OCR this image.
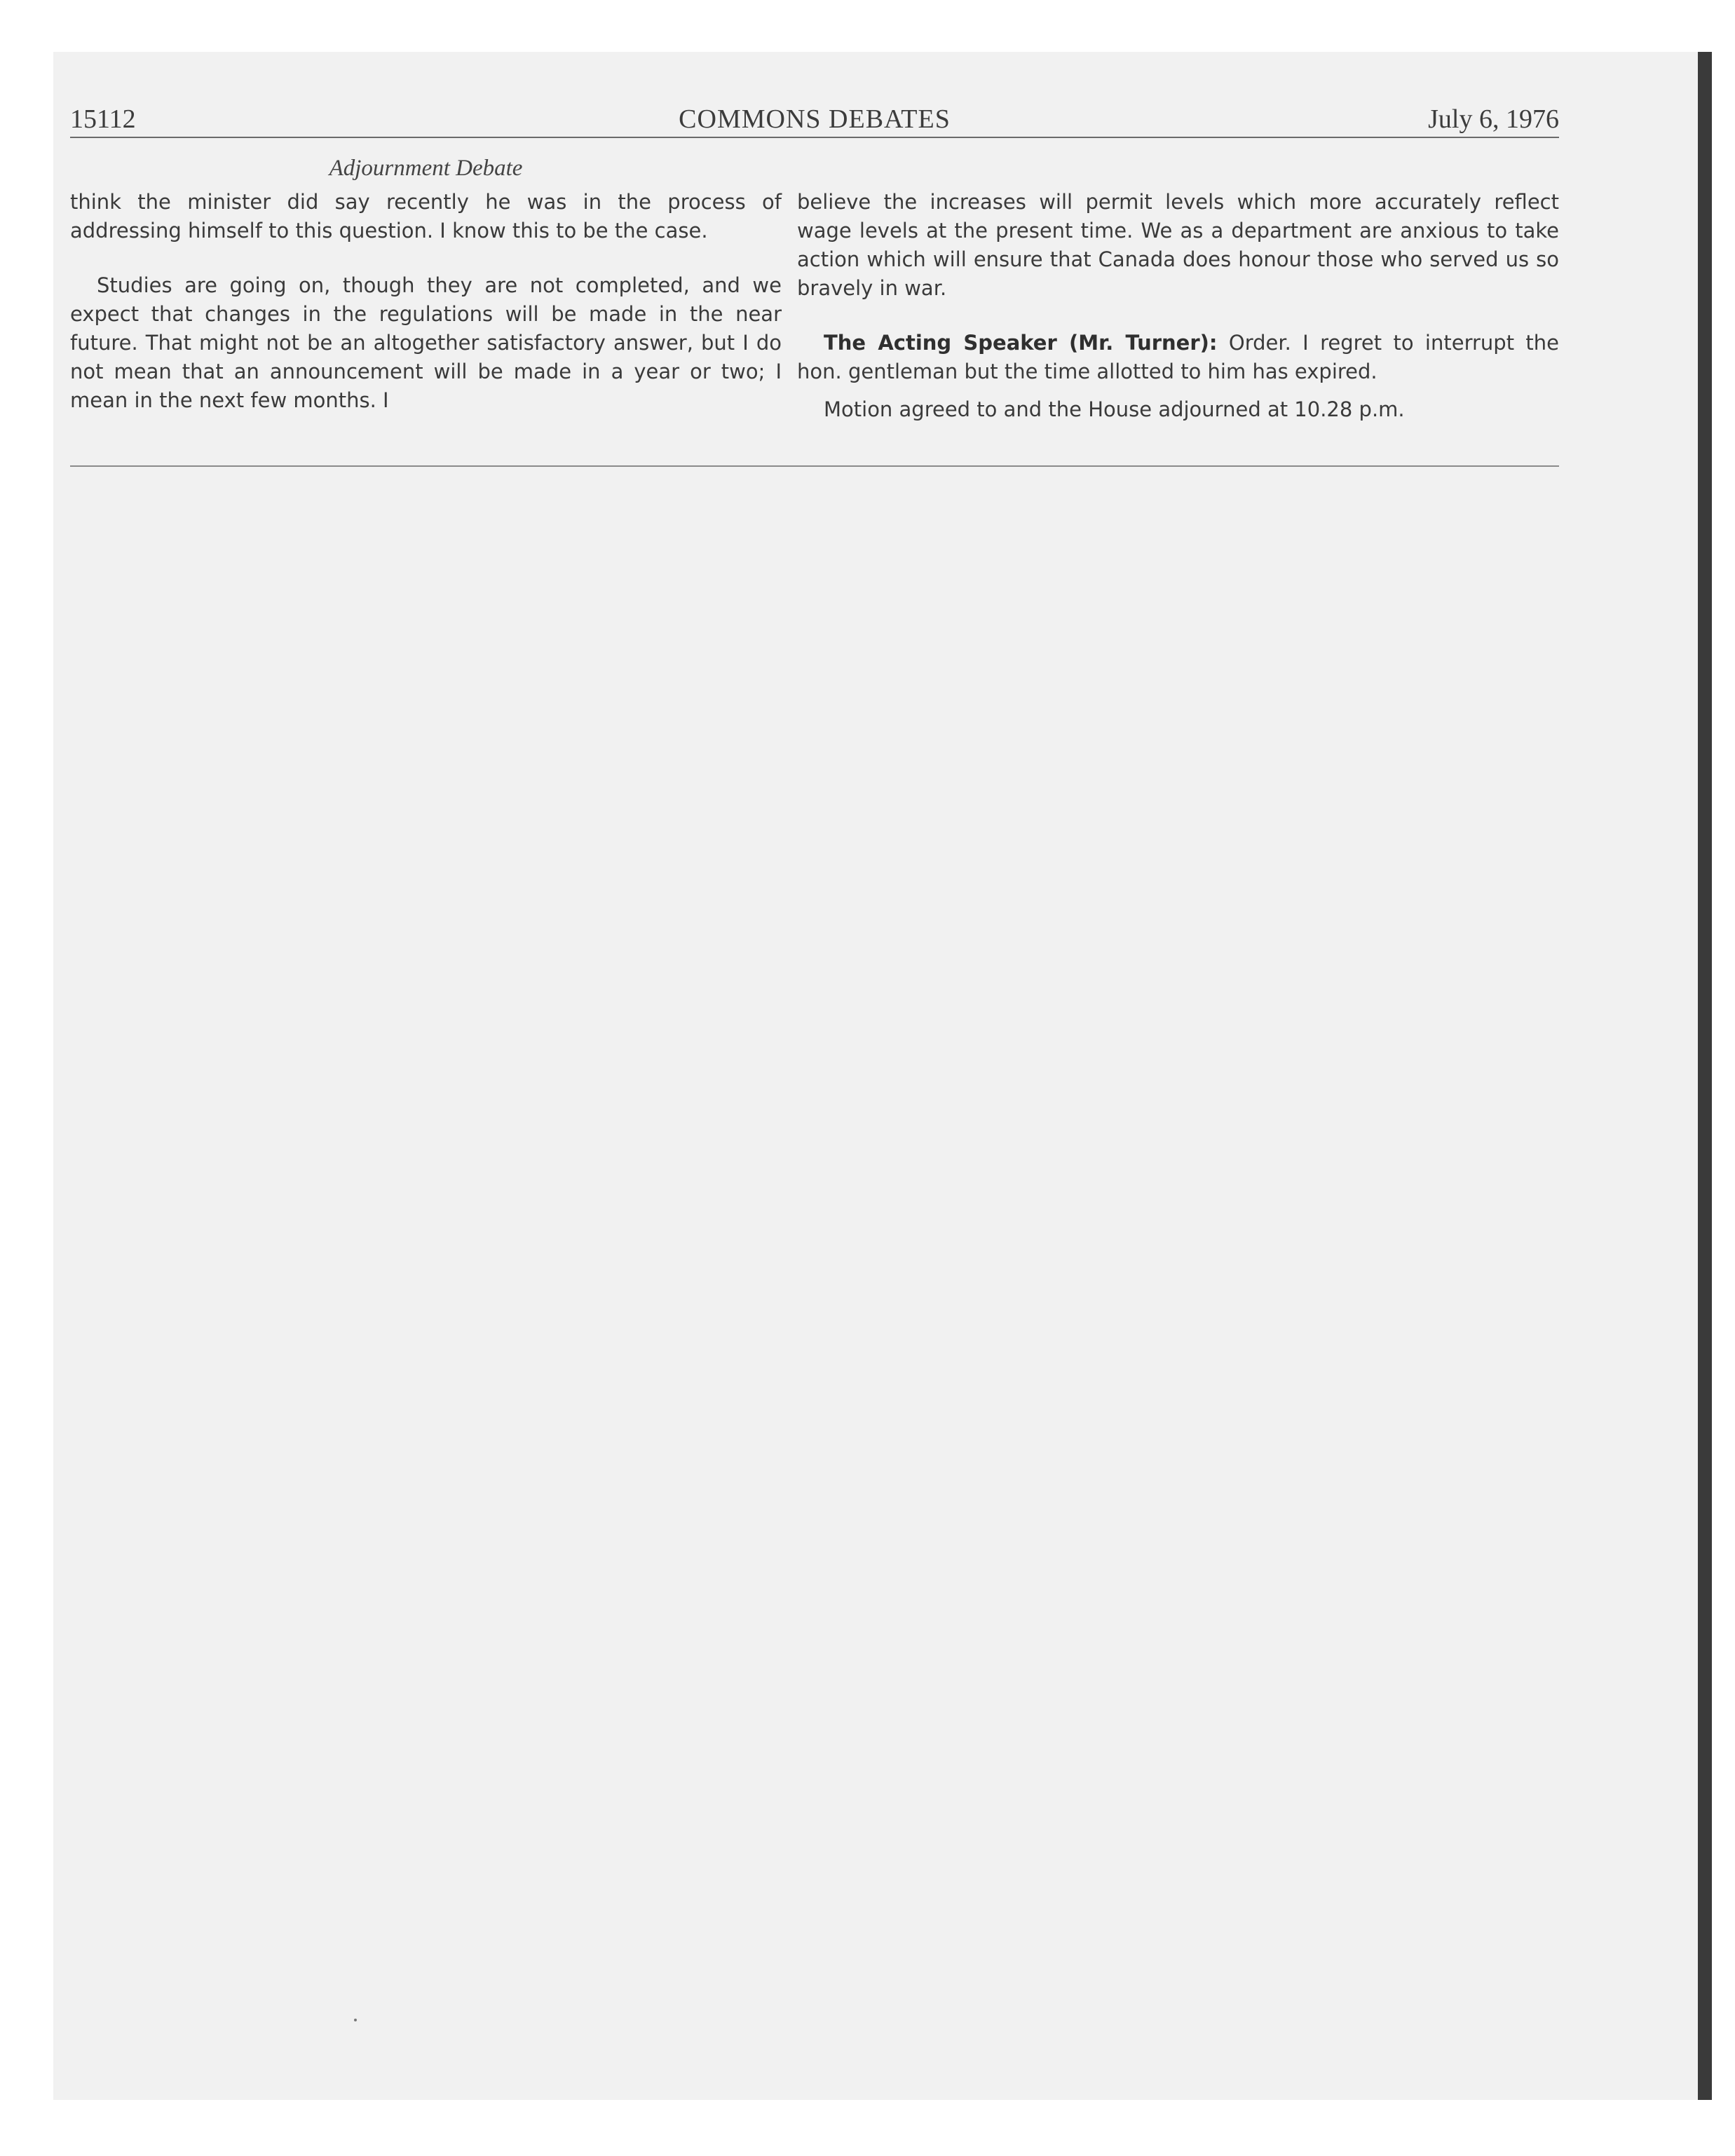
15112	COMMONS DEBATES	July 6, 1976
Adjournment Debate

think the minister did say recently he was in the process of addressing himself to this question. I know this to be the case.

Studies are going on, though they are not completed, and we expect that changes in the regulations will be made in the near future. That might not be an altogether satisfactory answer, but I do not mean that an announcement will be made in a year or two; I mean in the next few months. I

believe the increases will permit levels which more accurately reflect wage levels at the present time. We as a department are anxious to take action which will ensure that Canada does honour those who served us so bravely in war.

The Acting Speaker (Mr. Turner): Order. I regret to interrupt the hon. gentleman but the time allotted to him has expired.

Motion agreed to and the House adjourned at 10.28 p.m.
